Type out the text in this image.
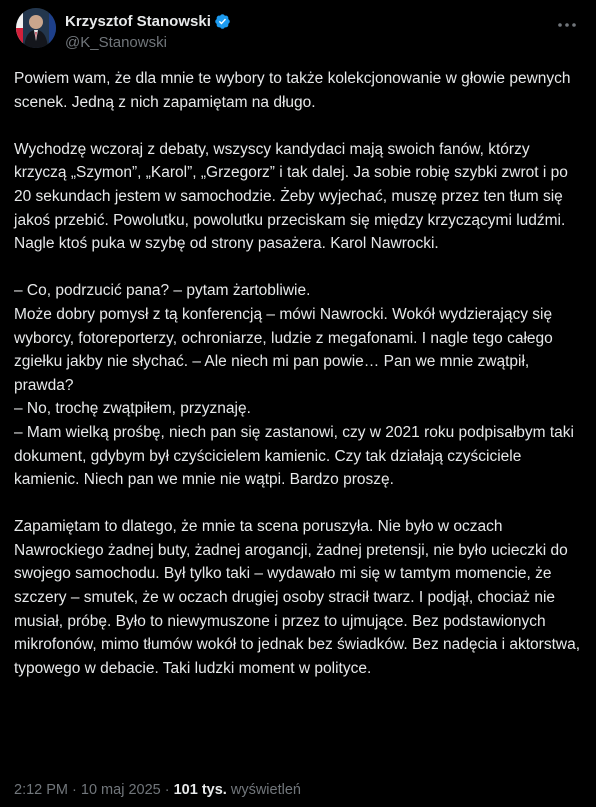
Krzysztof Stanowski
@K_Stanowski

Powiem wam, że dla mnie te wybory to także kolekcjonowanie w głowie pewnych scenek. Jedną z nich zapamiętam na długo.

Wychodzę wczoraj z debaty, wszyscy kandydaci mają swoich fanów, którzy krzyczą „Szymon”, „Karol”, „Grzegorz” i tak dalej. Ja sobie robię szybki zwrot i po 20 sekundach jestem w samochodzie. Żeby wyjechać, muszę przez ten tłum się jakoś przebić. Powolutku, powolutku przeciskam się między krzyczącymi ludźmi. Nagle ktoś puka w szybę od strony pasażera. Karol Nawrocki.

– Co, podrzucić pana? – pytam żartobliwie.
Może dobry pomysł z tą konferencją – mówi Nawrocki. Wokół wydzierający się wyborcy, fotoreporterzy, ochroniarze, ludzie z megafonami. I nagle tego całego zgiełku jakby nie słychać. – Ale niech mi pan powie… Pan we mnie zwątpił, prawda?
– No, trochę zwątpiłem, przyznaję.
– Mam wielką prośbę, niech pan się zastanowi, czy w 2021 roku podpisałbym taki dokument, gdybym był czyścicielem kamienic. Czy tak działają czyściciele kamienic. Niech pan we mnie nie wątpi. Bardzo proszę.

Zapamiętam to dlatego, że mnie ta scena poruszyła. Nie było w oczach Nawrockiego żadnej buty, żadnej arogancji, żadnej pretensji, nie było ucieczki do swojego samochodu. Był tylko taki – wydawało mi się w tamtym momencie, że szczery – smutek, że w oczach drugiej osoby stracił twarz. I podjął, chociaż nie musiał, próbę. Było to niewymuszone i przez to ujmujące. Bez podstawionych mikrofonów, mimo tłumów wokół to jednak bez świadków. Bez nadęcia i aktorstwa, typowego w debacie. Taki ludzki moment w polityce.

2:12 PM · 10 maj 2025 · 101 tys. wyświetleń
